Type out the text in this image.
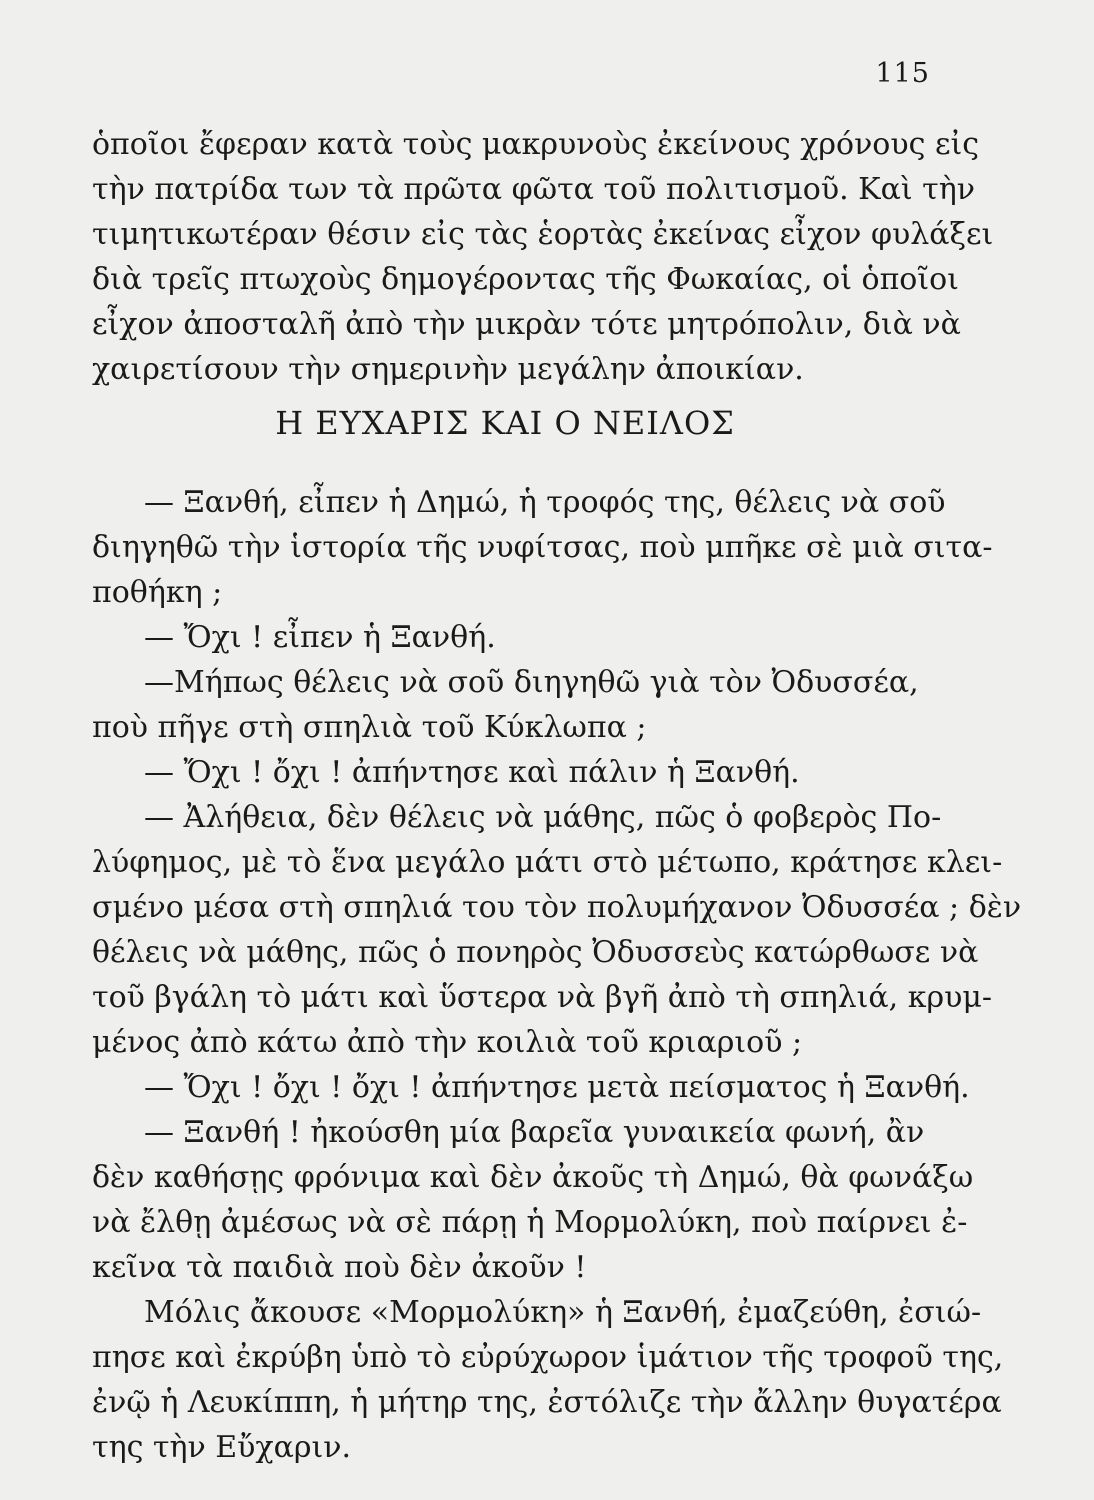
115
ὁποῖοι ἔφεραν κατὰ τοὺς μακρυνοὺς ἐκείνους χρόνους εἰς
τὴν πατρίδα των τὰ πρῶτα φῶτα τοῦ πολιτισμοῦ. Καὶ τὴν
τιμητικωτέραν θέσιν εἰς τὰς ἑορτὰς ἐκείνας εἶχον φυλάξει
διὰ τρεῖς πτωχοὺς δημογέροντας τῆς Φωκαίας, οἱ ὁποῖοι
εἶχον ἀποσταλῆ ἀπὸ τὴν μικρὰν τότε μητρόπολιν, διὰ νὰ
χαιρετίσουν τὴν σημερινὴν μεγάλην ἀποικίαν.
Η ΕΥΧΑΡΙΣ ΚΑΙ Ο ΝΕΙΛΟΣ
— Ξανθή, εἶπεν ἡ Δημώ, ἡ τροφός της, θέλεις νὰ σοῦ
διηγηθῶ τὴν ἱστορία τῆς νυφίτσας, ποὺ μπῆκε σὲ μιὰ σιτα-
ποθήκη ;
— Ὄχι ! εἶπεν ἡ Ξανθή.
—Μήπως θέλεις νὰ σοῦ διηγηθῶ γιὰ τὸν Ὀδυσσέα,
ποὺ πῆγε στὴ σπηλιὰ τοῦ Κύκλωπα ;
— Ὄχι ! ὄχι ! ἀπήντησε καὶ πάλιν ἡ Ξανθή.
— Ἀλήθεια, δὲν θέλεις νὰ μάθης, πῶς ὁ φοβερὸς Πο-
λύφημος, μὲ τὸ ἕνα μεγάλο μάτι στὸ μέτωπο, κράτησε κλει-
σμένο μέσα στὴ σπηλιά του τὸν πολυμήχανον Ὀδυσσέα ; δὲν
θέλεις νὰ μάθης, πῶς ὁ πονηρὸς Ὀδυσσεὺς κατώρθωσε νὰ
τοῦ βγάλη τὸ μάτι καὶ ὕστερα νὰ βγῆ ἀπὸ τὴ σπηλιά, κρυμ-
μένος ἀπὸ κάτω ἀπὸ τὴν κοιλιὰ τοῦ κριαριοῦ ;
— Ὄχι ! ὄχι ! ὄχι ! ἀπήντησε μετὰ πείσματος ἡ Ξανθή.
— Ξανθή ! ἠκούσθη μία βαρεῖα γυναικεία φωνή, ἂν
δὲν καθήσῃς φρόνιμα καὶ δὲν ἀκοῦς τὴ Δημώ, θὰ φωνάξω
νὰ ἔλθῃ ἀμέσως νὰ σὲ πάρῃ ἡ Μορμολύκη, ποὺ παίρνει ἐ-
κεῖνα τὰ παιδιὰ ποὺ δὲν ἀκοῦν !
Μόλις ἄκουσε «Μορμολύκη» ἡ Ξανθή, ἐμαζεύθη, ἐσιώ-
πησε καὶ ἐκρύβη ὑπὸ τὸ εὐρύχωρον ἱμάτιον τῆς τροφοῦ της,
ἐνῷ ἡ Λευκίππη, ἡ μήτηρ της, ἐστόλιζε τὴν ἄλλην θυγατέρα
της τὴν Εὔχαριν.
